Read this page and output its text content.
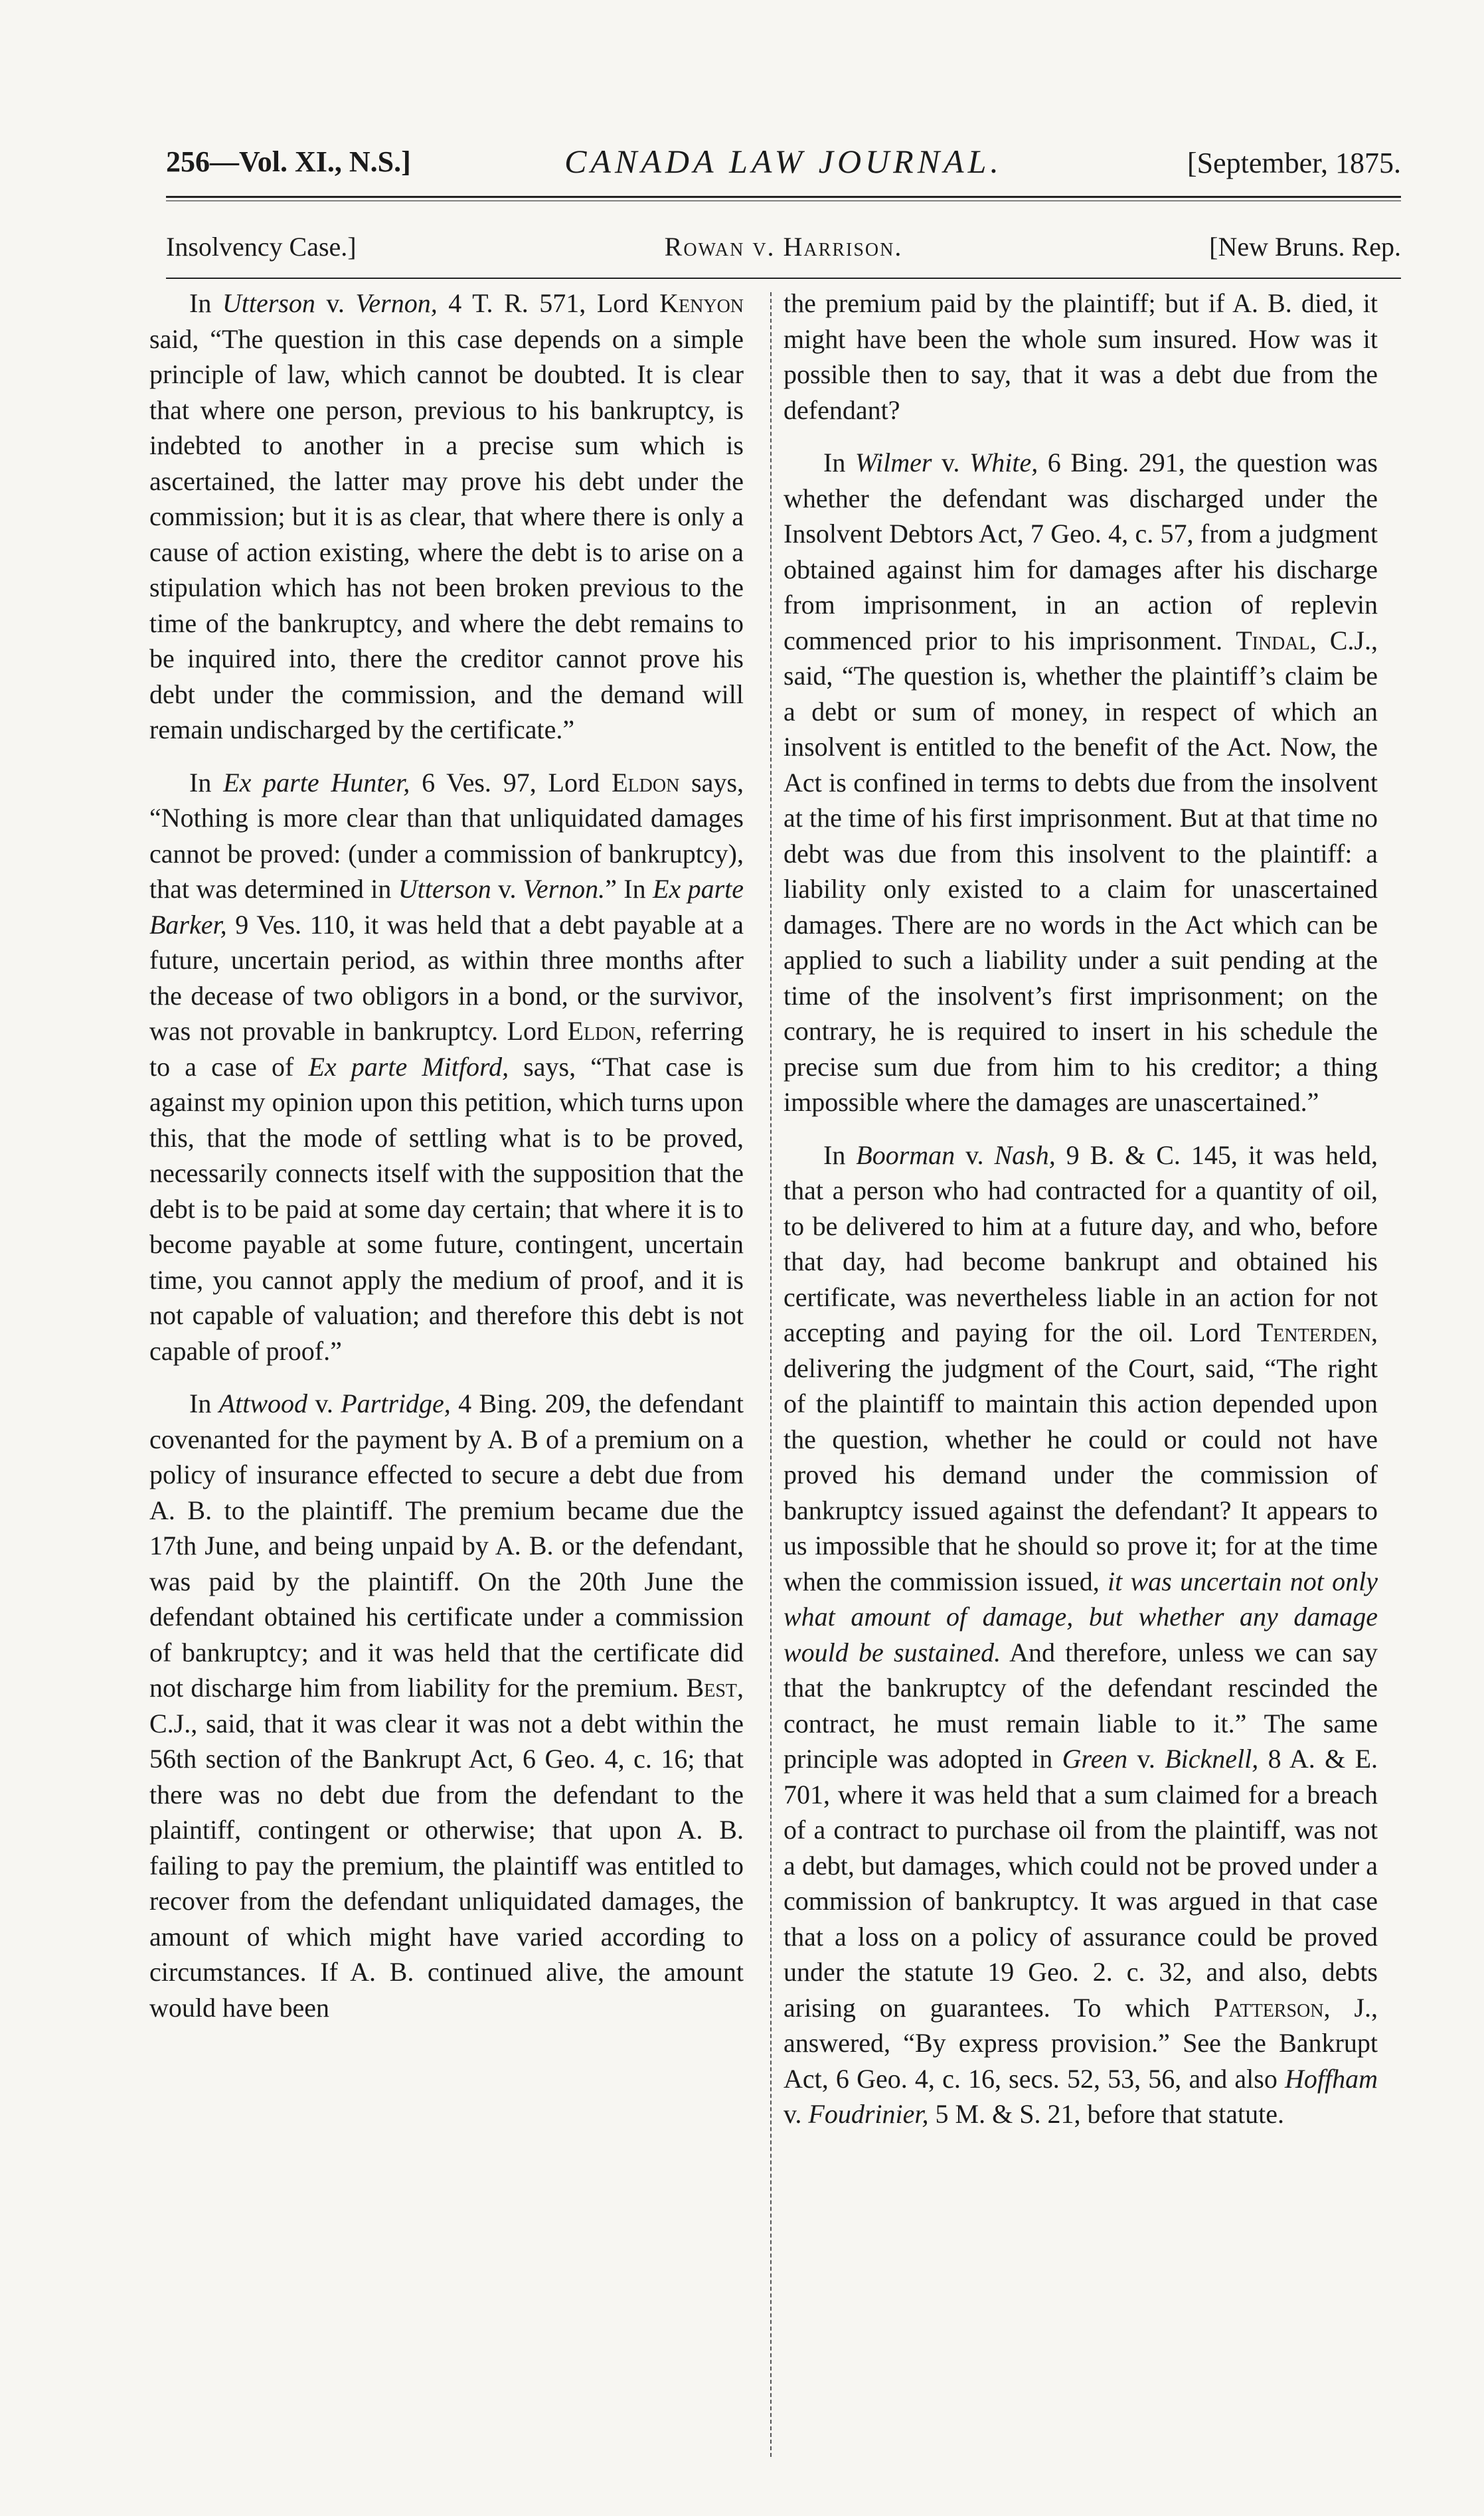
256—Vol. XI., N.S.]	CANADA LAW JOURNAL.	[September, 1875.
Insolvency Case.]	Rowan v. Harrison.	[New Bruns. Rep.

In Utterson v. Vernon, 4 T. R. 571, Lord Kenyon said, “The question in this case depends on a simple principle of law, which cannot be doubted. It is clear that where one person, previous to his bankruptcy, is indebted to another in a precise sum which is ascertained, the latter may prove his debt under the commission; but it is as clear, that where there is only a cause of action existing, where the debt is to arise on a stipulation which has not been broken previous to the time of the bankruptcy, and where the debt remains to be inquired into, there the creditor cannot prove his debt under the commission, and the demand will remain undischarged by the certificate.”

In Ex parte Hunter, 6 Ves. 97, Lord Eldon says, “Nothing is more clear than that unliquidated damages cannot be proved: (under a commission of bankruptcy), that was determined in Utterson v. Vernon.” In Ex parte Barker, 9 Ves. 110, it was held that a debt payable at a future, uncertain period, as within three months after the decease of two obligors in a bond, or the survivor, was not provable in bankruptcy. Lord Eldon, referring to a case of Ex parte Mitford, says, “That case is against my opinion upon this petition, which turns upon this, that the mode of settling what is to be proved, necessarily connects itself with the supposition that the debt is to be paid at some day certain; that where it is to become payable at some future, contingent, uncertain time, you cannot apply the medium of proof, and it is not capable of valuation; and therefore this debt is not capable of proof.”

In Attwood v. Partridge, 4 Bing. 209, the defendant covenanted for the payment by A. B of a premium on a policy of insurance effected to secure a debt due from A. B. to the plaintiff. The premium became due the 17th June, and being unpaid by A. B. or the defendant, was paid by the plaintiff. On the 20th June the defendant obtained his certificate under a commission of bankruptcy; and it was held that the certificate did not discharge him from liability for the premium. Best, C.J., said, that it was clear it was not a debt within the 56th section of the Bankrupt Act, 6 Geo. 4, c. 16; that there was no debt due from the defendant to the plaintiff, contingent or otherwise; that upon A. B. failing to pay the premium, the plaintiff was entitled to recover from the defendant unliquidated damages, the amount of which might have varied according to circumstances. If A. B. continued alive, the amount would have been

the premium paid by the plaintiff; but if A. B. died, it might have been the whole sum insured. How was it possible then to say, that it was a debt due from the defendant?

In Wilmer v. White, 6 Bing. 291, the question was whether the defendant was discharged under the Insolvent Debtors Act, 7 Geo. 4, c. 57, from a judgment obtained against him for damages after his discharge from imprisonment, in an action of replevin commenced prior to his imprisonment. Tindal, C.J., said, “The question is, whether the plaintiff’s claim be a debt or sum of money, in respect of which an insolvent is entitled to the benefit of the Act. Now, the Act is confined in terms to debts due from the insolvent at the time of his first imprisonment. But at that time no debt was due from this insolvent to the plaintiff: a liability only existed to a claim for unascertained damages. There are no words in the Act which can be applied to such a liability under a suit pending at the time of the insolvent’s first imprisonment; on the contrary, he is required to insert in his schedule the precise sum due from him to his creditor; a thing impossible where the damages are unascertained.”

In Boorman v. Nash, 9 B. & C. 145, it was held, that a person who had contracted for a quantity of oil, to be delivered to him at a future day, and who, before that day, had become bankrupt and obtained his certificate, was nevertheless liable in an action for not accepting and paying for the oil. Lord Tenterden, delivering the judgment of the Court, said, “The right of the plaintiff to maintain this action depended upon the question, whether he could or could not have proved his demand under the commission of bankruptcy issued against the defendant? It appears to us impossible that he should so prove it; for at the time when the commission issued, it was uncertain not only what amount of damage, but whether any damage would be sustained. And therefore, unless we can say that the bankruptcy of the defendant rescinded the contract, he must remain liable to it.” The same principle was adopted in Green v. Bicknell, 8 A. & E. 701, where it was held that a sum claimed for a breach of a contract to purchase oil from the plaintiff, was not a debt, but damages, which could not be proved under a commission of bankruptcy. It was argued in that case that a loss on a policy of assurance could be proved under the statute 19 Geo. 2. c. 32, and also, debts arising on guarantees. To which Patterson, J., answered, “By express provision.” See the Bankrupt Act, 6 Geo. 4, c. 16, secs. 52, 53, 56, and also Hoffham v. Foudrinier, 5 M. & S. 21, before that statute.
